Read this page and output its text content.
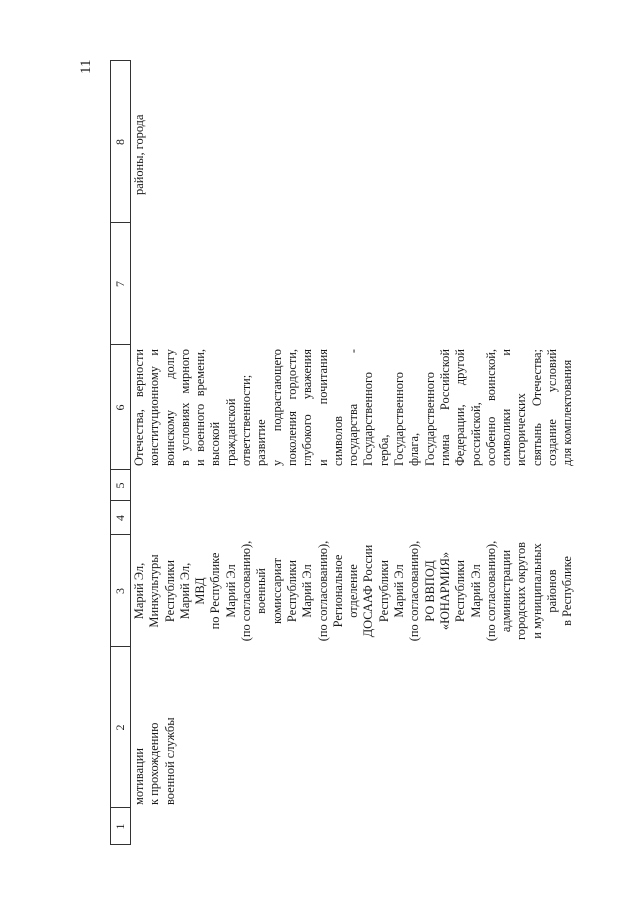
11
1
2
3
4
5
6
7
8
мотивации к прохождению военной службы
Марий Эл, Минкультуры Республики Марий Эл, МВД по Республике Марий Эл (по согласованию), военный комиссариат Республики Марий Эл (по согласованию), Региональное отделение ДОСААФ России Республики Марий Эл (по согласованию), РО ВВПОД «ЮНАРМИЯ» Республики Марий Эл (по согласованию), администрации городских округов и муниципальных районов в Республике
Отечества, верности конституционному и воинскому долгу в условиях мирного и военного времени, высокой гражданской ответственности; развитие у подрастающего поколения гордости, глубокого уважения и почитания символов государства - Государственного герба, Государственного флага, Государственного гимна Российской Федерации, другой российской, особенно воинской, символики и исторических святынь Отечества; создание условий для комплектования
районы, города
